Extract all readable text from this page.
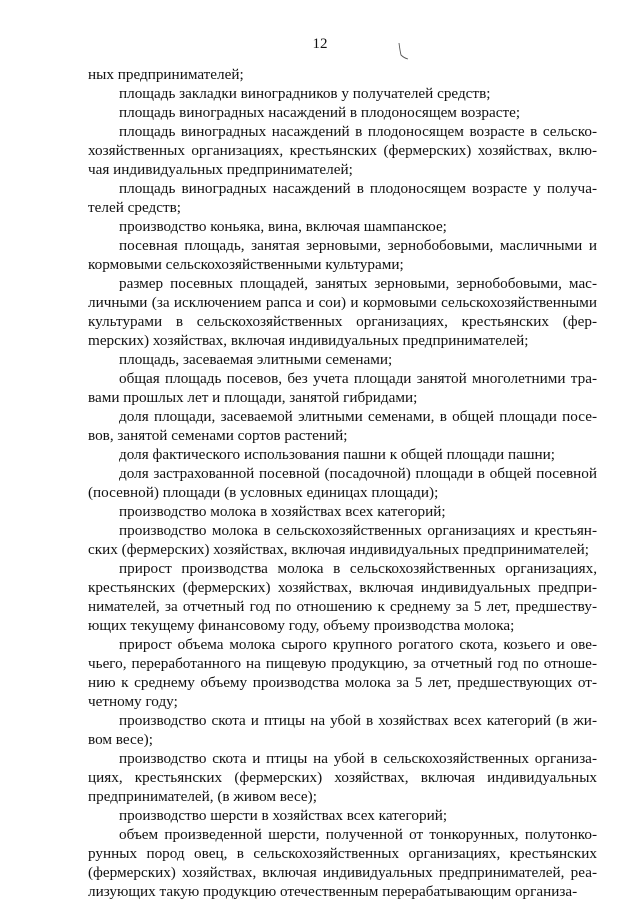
12

ных предпринимателей;

площадь закладки виноградников у получателей средств;

площадь виноградных насаждений в плодоносящем возрасте;

площадь виноградных насаждений в плодоносящем возрасте в сельскохозяйственных организациях, крестьянских (фермерских) хозяйствах, включая индивидуальных предпринимателей;

площадь виноградных насаждений в плодоносящем возрасте у получателей средств;

производство коньяка, вина, включая шампанское;

посевная площадь, занятая зерновыми, зернобобовыми, масличными и кормовыми сельскохозяйственными культурами;

размер посевных площадей, занятых зерновыми, зернобобовыми, масличными (за исключением рапса и сои) и кормовыми сельскохозяйственными культурами в сельскохозяйственных организациях, крестьянских (ферmерских) хозяйствах, включая индивидуальных предпринимателей;

площадь, засеваемая элитными семенами;

общая площадь посевов, без учета площади занятой многолетними травами прошлых лет и площади, занятой гибридами;

доля площади, засеваемой элитными семенами, в общей площади посевов, занятой семенами сортов растений;

доля фактического использования пашни к общей площади пашни;

доля застрахованной посевной (посадочной) площади в общей посевной (посевной) площади (в условных единицах площади);

производство молока в хозяйствах всех категорий;

производство молока в сельскохозяйственных организациях и крестьянских (фермерских) хозяйствах, включая индивидуальных предпринимателей;

прирост производства молока в сельскохозяйственных организациях, крестьянских (фермерских) хозяйствах, включая индивидуальных предпринимателей, за отчетный год по отношению к среднему за 5 лет, предшествующих текущему финансовому году, объему производства молока;

прирост объема молока сырого крупного рогатого скота, козьего и овечьего, переработанного на пищевую продукцию, за отчетный год по отношению к среднему объему производства молока за 5 лет, предшествующих отчетному году;

производство скота и птицы на убой в хозяйствах всех категорий (в живом весе);

производство скота и птицы на убой в сельскохозяйственных организациях, крестьянских (фермерских) хозяйствах, включая индивидуальных предпринимателей, (в живом весе);

производство шерсти в хозяйствах всех категорий;

объем произведенной шерсти, полученной от тонкорунных, полутонкорунных пород овец, в сельскохозяйственных организациях, крестьянских (фермерских) хозяйствах, включая индивидуальных предпринимателей, реализующих такую продукцию отечественным перерабатывающим организа-
